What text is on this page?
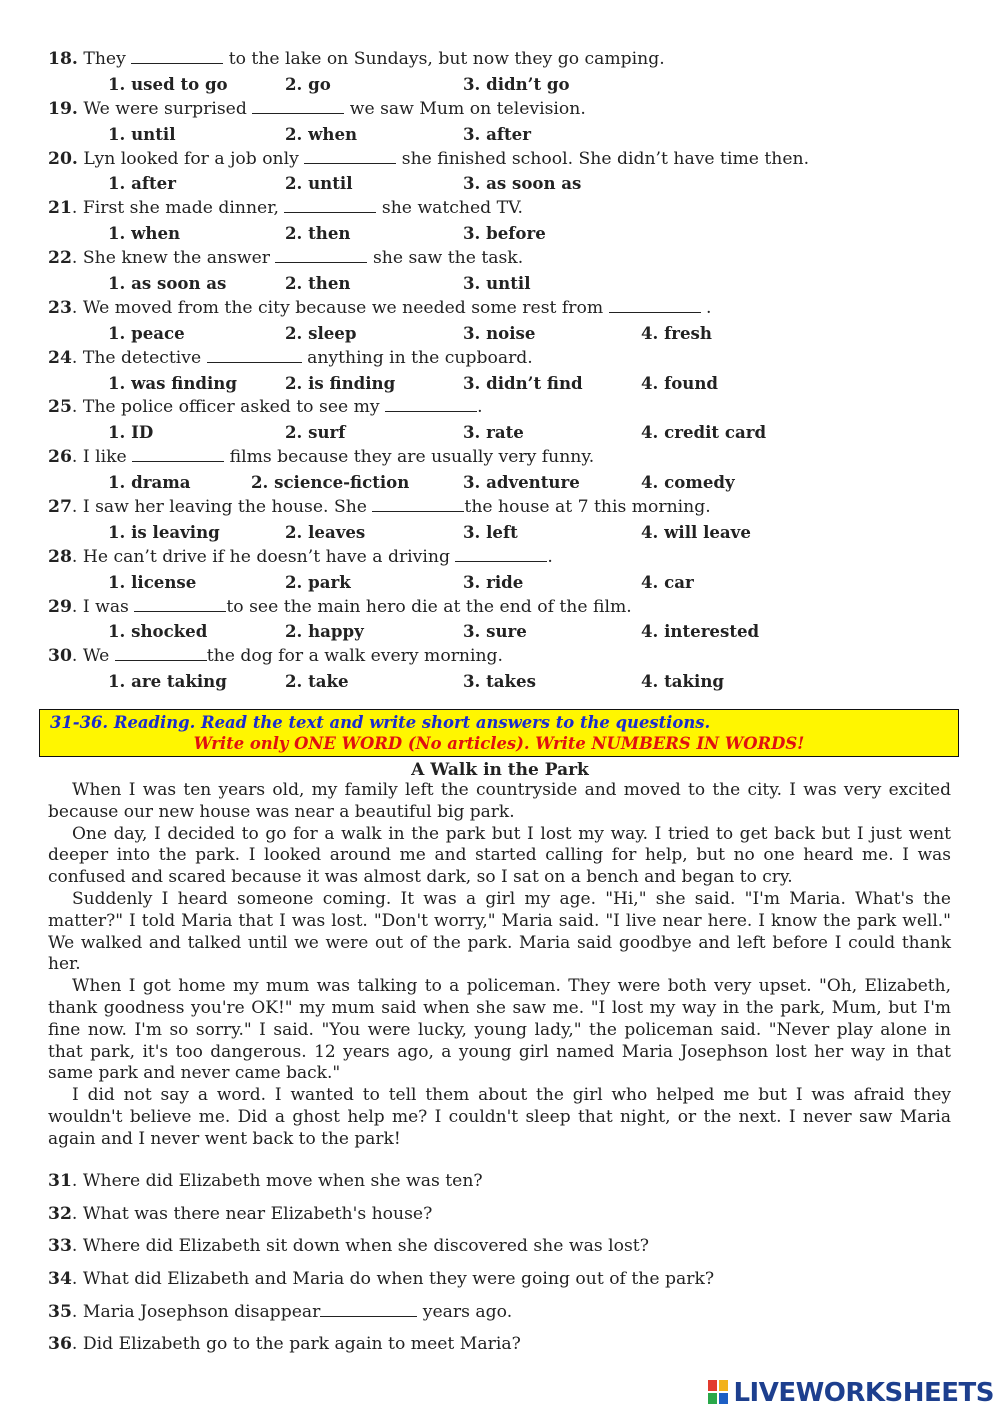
18. They	to the lake on Sundays, but now they go camping.
1. used to go	2. go	3. didn’t go
19. We were surprised	we saw Mum on television.
1. until	2. when	3. after
20. Lyn looked for a job only	she finished school. She didn’t have time then.
1. after	2. until	3. as soon as
21. First she made dinner,	she watched TV.
1. when	2. then	3. before
22. She knew the answer	she saw the task.
1. as soon as	2. then	3. until
23. We moved from the city because we needed some rest from	.
1. peace	2. sleep	3. noise	4. fresh
24. The detective	anything in the cupboard.
1. was finding	2. is finding	3. didn’t find	4. found
25. The police officer asked to see my	.
1. ID	2. surf	3. rate	4. credit card
26. I like	films because they are usually very funny.
1. drama	2. science-fiction	3. adventure	4. comedy
27. I saw her leaving the house. She	the house at 7 this morning.
1. is leaving	2. leaves	3. left	4. will leave
28. He can’t drive if he doesn’t have a driving	.
1. license	2. park	3. ride	4. car
29. I was	to see the main hero die at the end of the film.
1. shocked	2. happy	3. sure	4. interested
30. We	the dog for a walk every morning.
1. are taking	2. take	3. takes	4. taking
31-36. Reading. Read the text and write short answers to the questions.
Write only ONE WORD (No articles). Write NUMBERS IN WORDS!
A Walk in the Park

When I was ten years old, my family left the countryside and moved to the city. I was very excited because our new house was near a beautiful big park.

One day, I decided to go for a walk in the park but I lost my way. I tried to get back but I just went deeper into the park. I looked around me and started calling for help, but no one heard me. I was confused and scared because it was almost dark, so I sat on a bench and began to cry.

Suddenly I heard someone coming. It was a girl my age. "Hi," she said. "I'm Maria. What's the matter?" I told Maria that I was lost. "Don't worry," Maria said. "I live near here. I know the park well." We walked and talked until we were out of the park. Maria said goodbye and left before I could thank her.

When I got home my mum was talking to a policeman. They were both very upset. "Oh, Elizabeth, thank goodness you're OK!" my mum said when she saw me. "I lost my way in the park, Mum, but I'm fine now. I'm so sorry." I said. "You were lucky, young lady," the policeman said. "Never play alone in that park, it's too dangerous. 12 years ago, a young girl named Maria Josephson lost her way in that same park and never came back."

I did not say a word. I wanted to tell them about the girl who helped me but I was afraid they wouldn't believe me. Did a ghost help me? I couldn't sleep that night, or the next. I never saw Maria again and I never went back to the park!

31. Where did Elizabeth move when she was ten?
32. What was there near Elizabeth's house?
33. Where did Elizabeth sit down when she discovered she was lost?
34. What did Elizabeth and Maria do when they were going out of the park?
35. Maria Josephson disappear	years ago.
36. Did Elizabeth go to the park again to meet Maria?
LIVEWORKSHEETS
